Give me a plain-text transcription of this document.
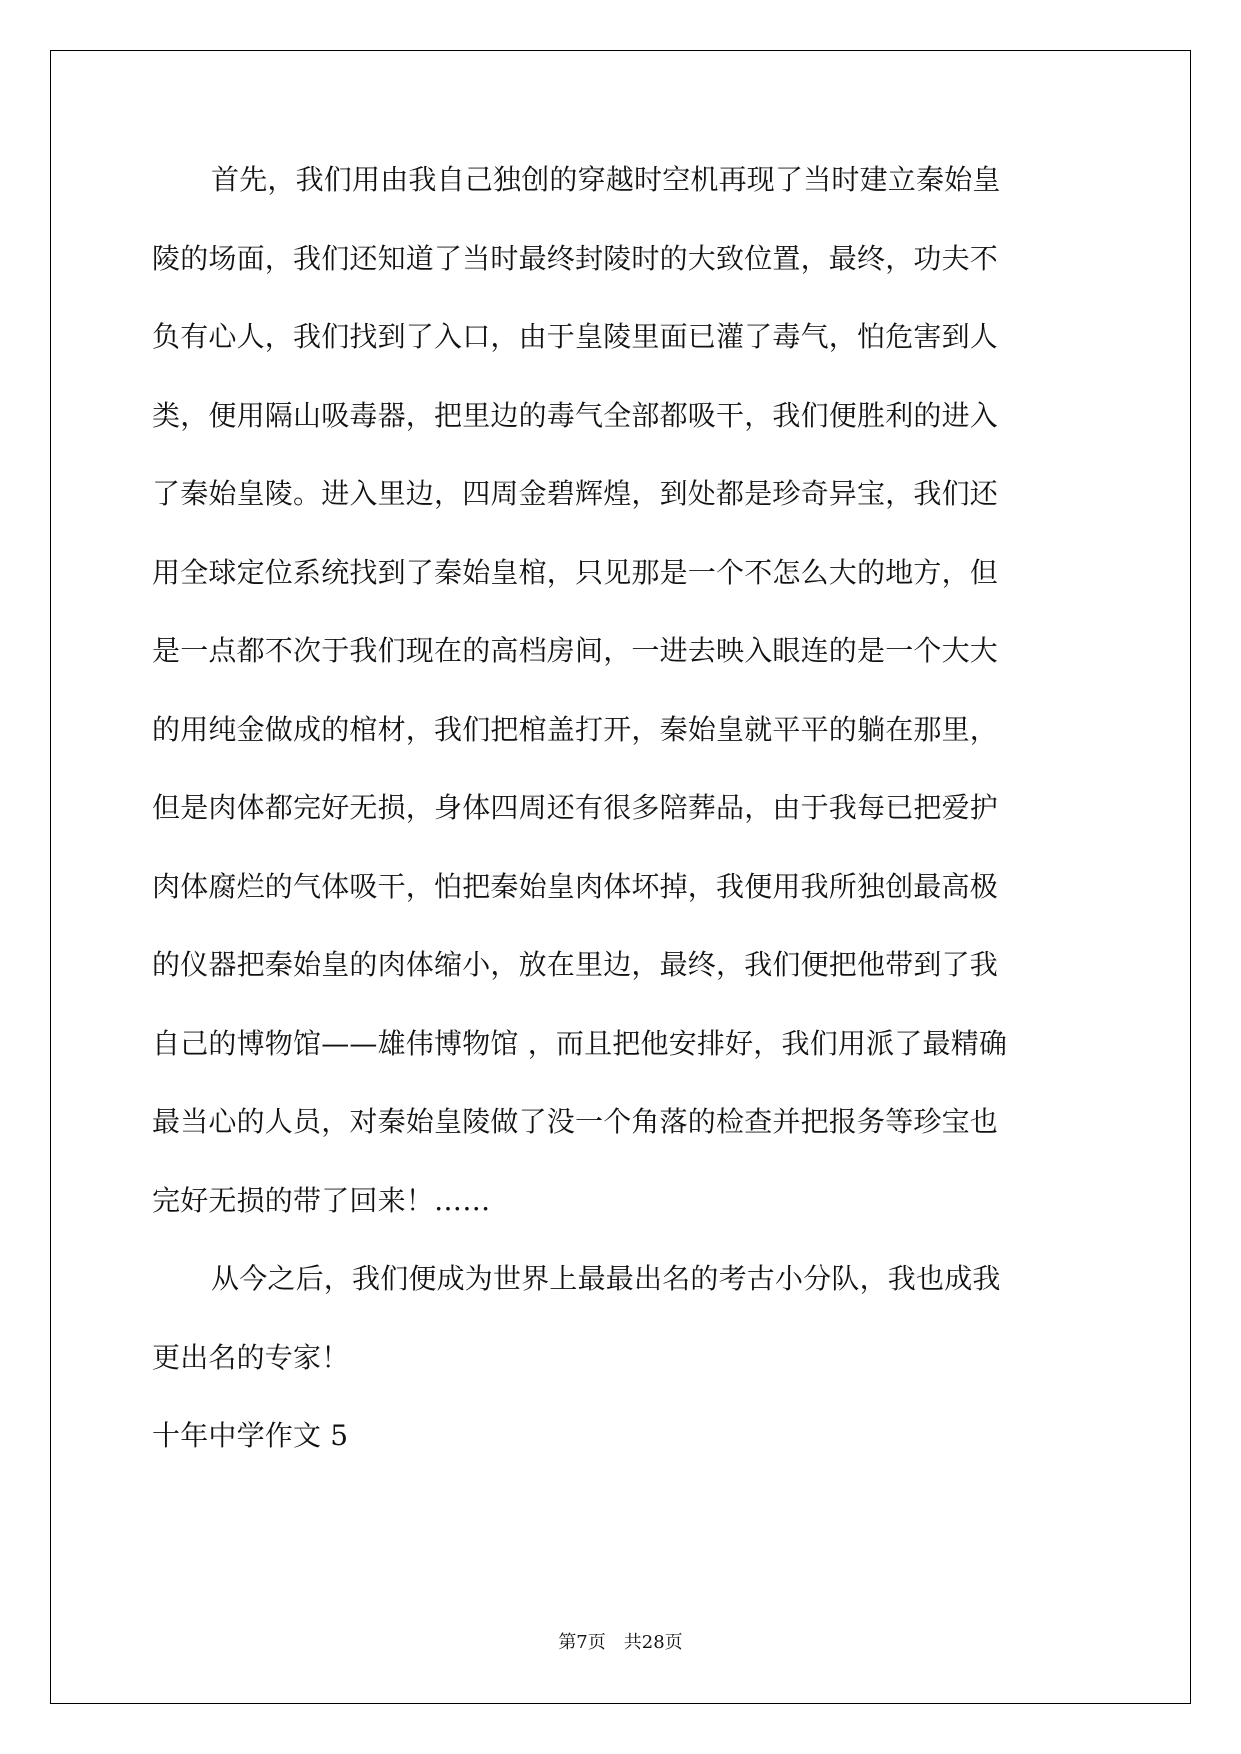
首先，我们用由我自己独创的穿越时空机再现了当时建立秦始皇
陵的场面，我们还知道了当时最终封陵时的大致位置，最终，功夫不
负有心人，我们找到了入口，由于皇陵里面已灌了毒气，怕危害到人
类，便用隔山吸毒器，把里边的毒气全部都吸干，我们便胜利的进入
了秦始皇陵。进入里边，四周金碧辉煌，到处都是珍奇异宝，我们还
用全球定位系统找到了秦始皇棺，只见那是一个不怎么大的地方，但
是一点都不次于我们现在的高档房间，一进去映入眼连的是一个大大
的用纯金做成的棺材，我们把棺盖打开，秦始皇就平平的躺在那里，
但是肉体都完好无损，身体四周还有很多陪葬品，由于我每已把爱护
肉体腐烂的气体吸干，怕把秦始皇肉体坏掉，我便用我所独创最高极
的仪器把秦始皇的肉体缩小，放在里边，最终，我们便把他带到了我
自己的博物馆——雄伟博物馆 ，而且把他安排好，我们用派了最精确
最当心的人员，对秦始皇陵做了没一个角落的检查并把报务等珍宝也
完好无损的带了回来！……
从今之后，我们便成为世界上最最出名的考古小分队，我也成我
更出名的专家！
十年中学作文 5
第7页　共28页
